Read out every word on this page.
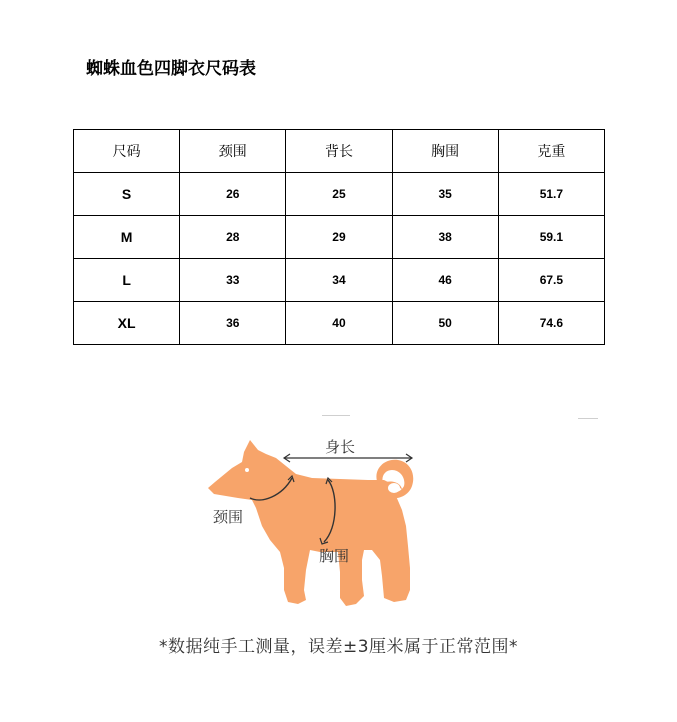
蜘蛛血色四脚衣尺码表
尺码	颈围	背长	胸围	克重
S	26	25	35	51.7
M	28	29	38	59.1
L	33	34	46	67.5
XL	36	40	50	74.6
身长
颈围
胸围
*数据纯手工测量，误差±3厘米属于正常范围*
